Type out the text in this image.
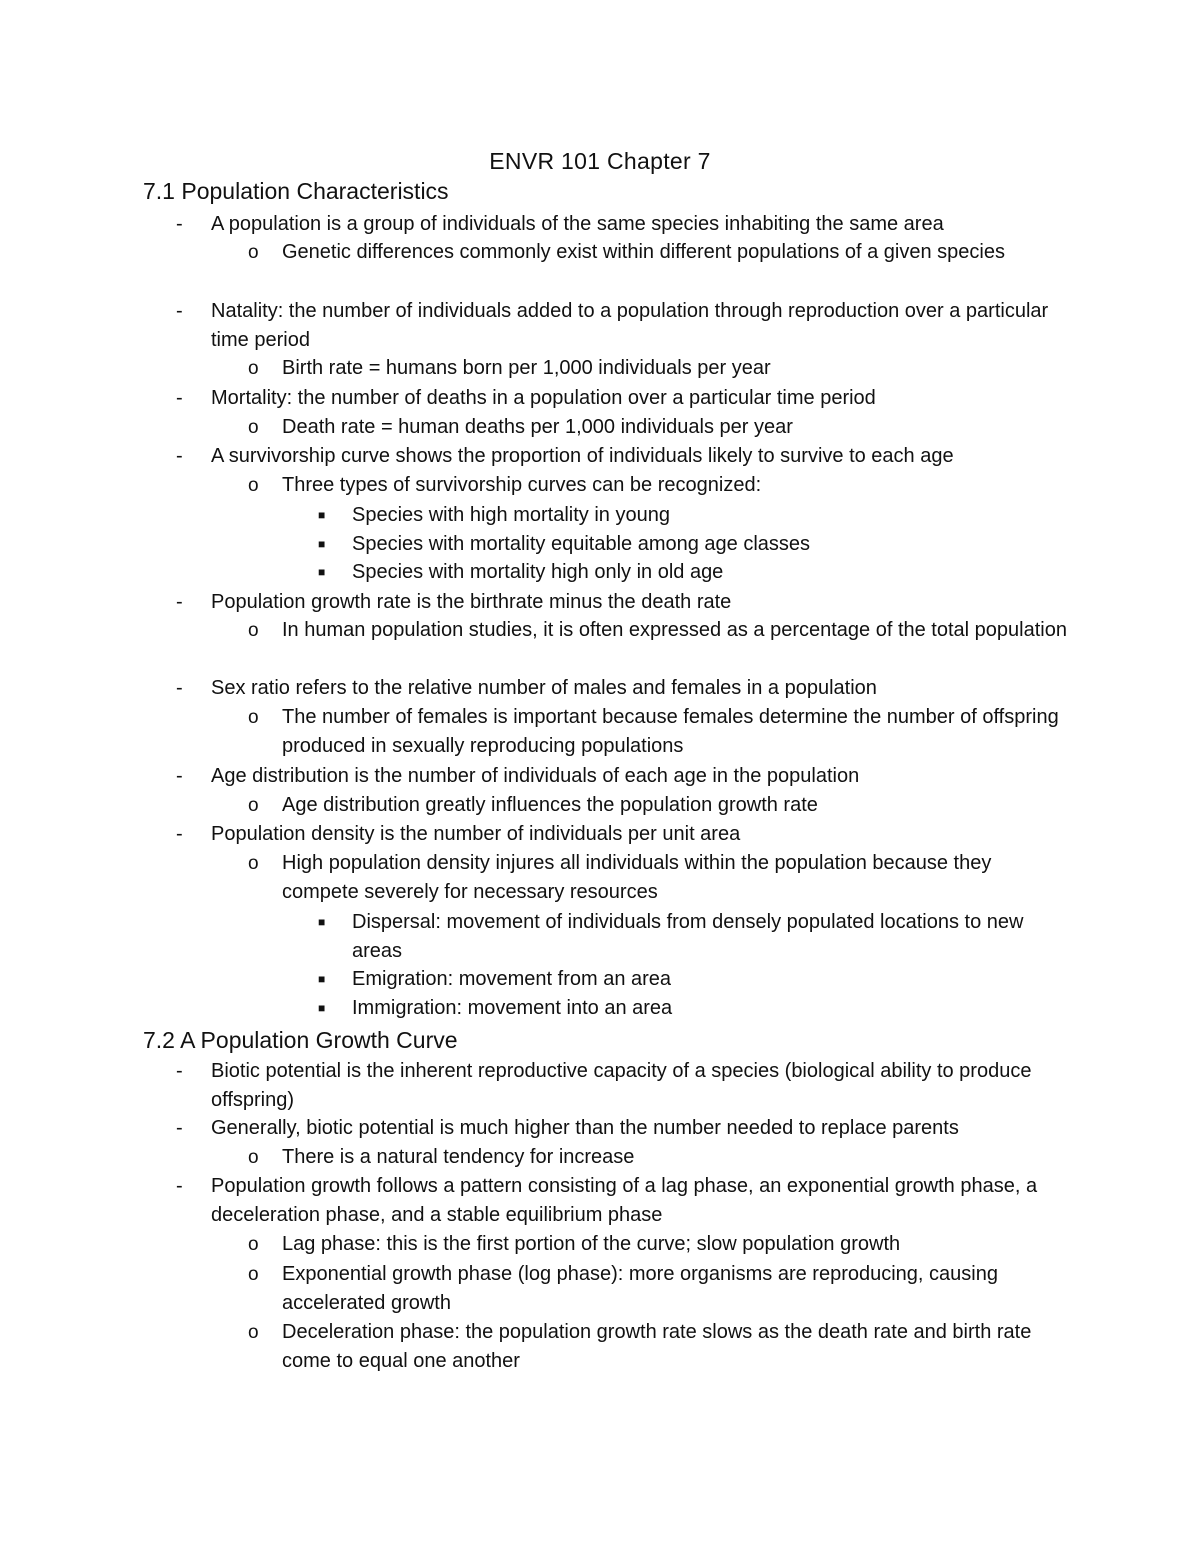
ENVR 101 Chapter 7
7.1 Population Characteristics
- A population is a group of individuals of the same species inhabiting the same area
o Genetic differences commonly exist within different populations of a given species
- Natality: the number of individuals added to a population through reproduction over a particular time period
o Birth rate = humans born per 1,000 individuals per year
- Mortality: the number of deaths in a population over a particular time period
o Death rate = human deaths per 1,000 individuals per year
- A survivorship curve shows the proportion of individuals likely to survive to each age
o Three types of survivorship curves can be recognized:
■ Species with high mortality in young
■ Species with mortality equitable among age classes
■ Species with mortality high only in old age
- Population growth rate is the birthrate minus the death rate
o In human population studies, it is often expressed as a percentage of the total population
- Sex ratio refers to the relative number of males and females in a population
o The number of females is important because females determine the number of offspring produced in sexually reproducing populations
- Age distribution is the number of individuals of each age in the population
o Age distribution greatly influences the population growth rate
- Population density is the number of individuals per unit area
o High population density injures all individuals within the population because they compete severely for necessary resources
■ Dispersal: movement of individuals from densely populated locations to new areas
■ Emigration: movement from an area
■ Immigration: movement into an area
7.2 A Population Growth Curve
- Biotic potential is the inherent reproductive capacity of a species (biological ability to produce offspring)
- Generally, biotic potential is much higher than the number needed to replace parents
o There is a natural tendency for increase
- Population growth follows a pattern consisting of a lag phase, an exponential growth phase, a deceleration phase, and a stable equilibrium phase
o Lag phase: this is the first portion of the curve; slow population growth
o Exponential growth phase (log phase): more organisms are reproducing, causing accelerated growth
o Deceleration phase: the population growth rate slows as the death rate and birth rate come to equal one another
